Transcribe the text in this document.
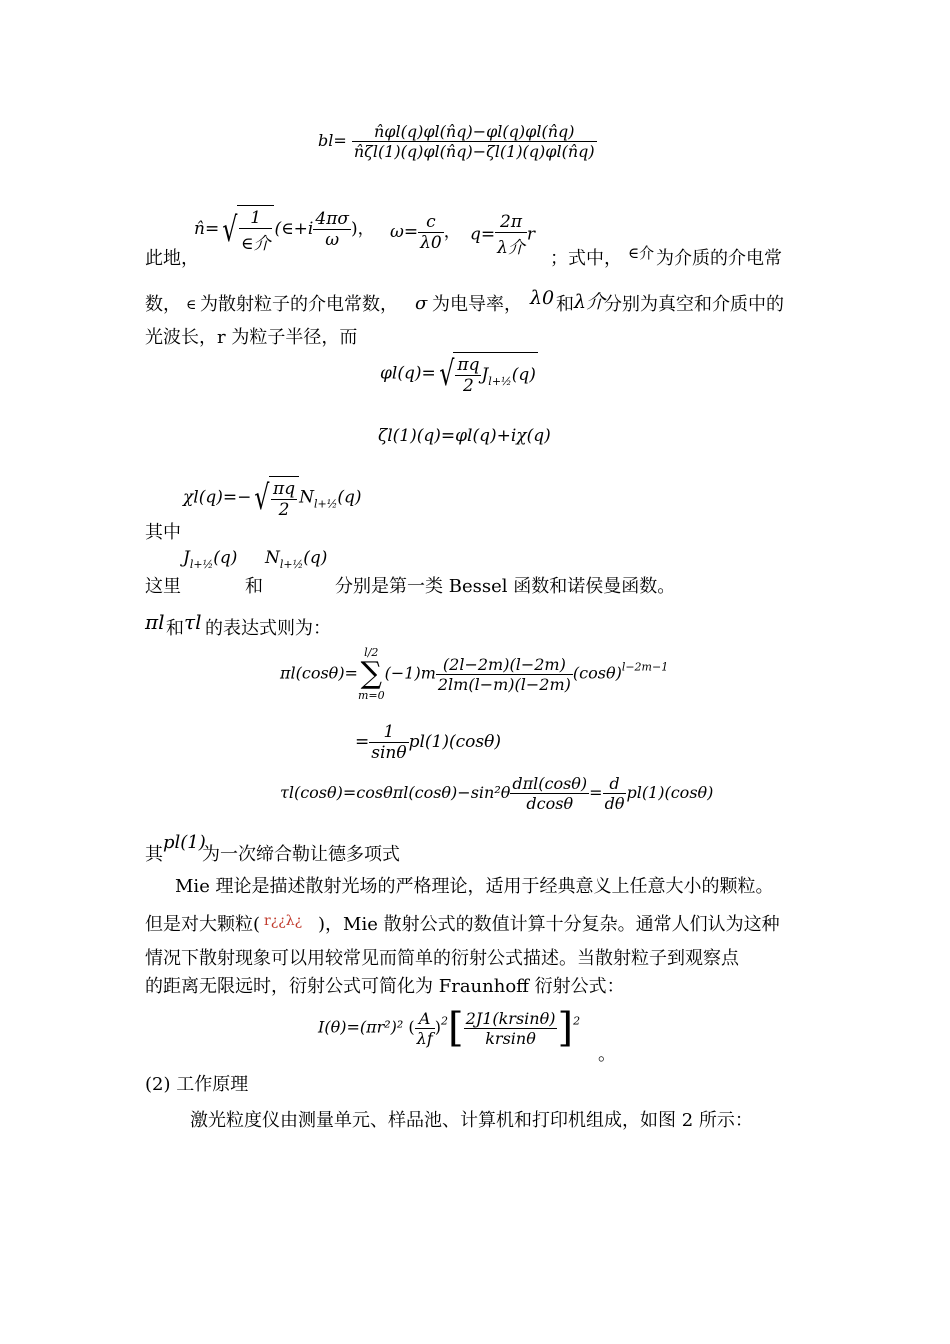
$bl= \frac{n̂\varphi l(q)\varphi l(n̂q)-\varphi l(q)\varphi l(n̂q)}{n̂\zeta l(1)(q)\varphi l(n̂q)-\zeta l(1)(q)\varphi l(n̂q)}$
此地，
n̂=√ $\frac{1}{\text{∈介}}$ (∈+i $\frac{4\pi\sigma}{\omega}$ )， $\omega= \frac{c}{\lambda 0}$ ， $q= \frac{2\pi}{\text{λ介}}$ r
；式中， ∈介 为介质的介电常
数， ∈ 为散射粒子的介电常数， σ 为电导率， λ0 和 λ介
分别为真空和介质中的
光波长，r 为粒子半径，而
$\varphi l(q)=√ \frac{\pi q}{2} J_{l+\frac{1}{2}}(q)$
ζl(1)(q)=φl(q)+iχ(q)
$\chi l(q)=-√ \frac{\pi q}{2} N_{l+\frac{1}{2}}(q)$
其中
$J_{l+\frac{1}{2}}(q)$ $N_{l+\frac{1}{2}}(q)$
这里	和	分别是第一类 Bessel 函数和诺侯曼函数。
πl 和 τl 的表达式则为：
πl(cosθ)=
l/2
∑
m=0
$(-1)m \frac{(2l-2m)(l-2m)}{2lm(l-m)(l-2m)} (\cos\theta)^{l-2m-1}$
= $\frac{1}{\sin\theta} pl(1)(\cos\theta)$
$\tau l(\cos\theta)=\cos\theta\pi l(\cos\theta)-\sin^2\theta \frac{\text{dπl(cosθ)}}{dcos\theta} = \frac{d}{d\theta} pl(1)(\cos\theta)$
其
pl(1)
为一次缔合勒让德多项式
Mie 理论是描述散射光场的严格理论，适用于经典意义上任意大小的颗粒。
但是对大颗粒( r¿¿λ¿ )，Mie 散射公式的数值计算十分复杂。通常人们认为这种
情况下散射现象可以用较常见而简单的衍射公式描述。当散射粒子到观察点
的距离无限远时，衍射公式可简化为 Fraunhoff 衍射公式：
I(θ)=(πr²)² ( $\frac{A}{\lambda f} )^2[ \frac{2J1(krsin\theta)}{krsin\theta} ]^2$
。
(2) 工作原理
激光粒度仪由测量单元、样品池、计算机和打印机组成，如图 2 所示：
